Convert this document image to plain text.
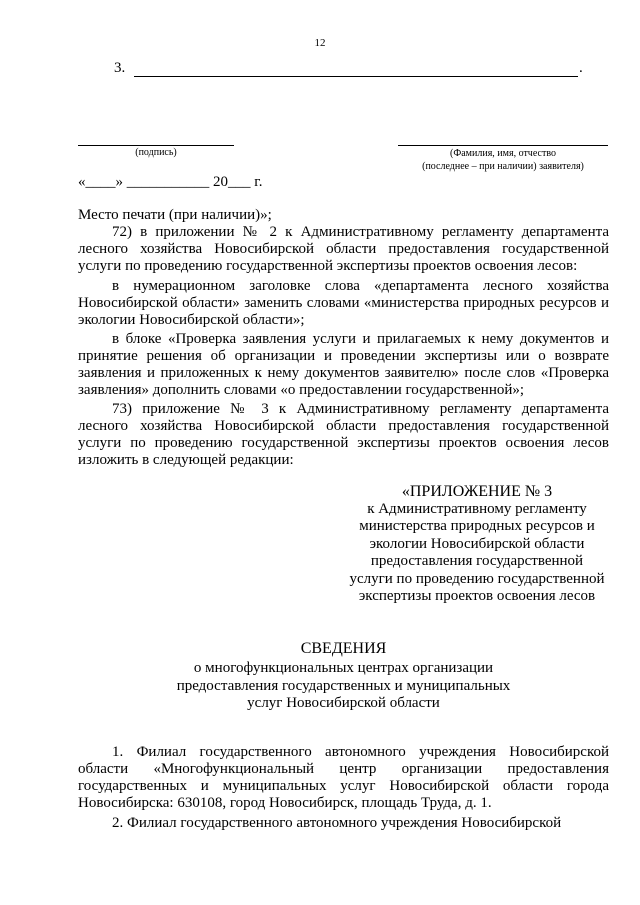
12
3.	.
(подпись)	(Фамилия, имя, отчество
(последнее – при наличии) заявителя)
«____» ___________ 20___ г.
Место печати (при наличии)»;
72) в приложении № 2 к Административному регламенту департамента лесного хозяйства Новосибирской области предоставления государственной услуги по проведению государственной экспертизы проектов освоения лесов:
в нумерационном заголовке слова «департамента лесного хозяйства Новосибирской области» заменить словами «министерства природных ресурсов и экологии Новосибирской области»;
в блоке «Проверка заявления услуги и прилагаемых к нему документов и принятие решения об организации и проведении экспертизы или о возврате заявления и приложенных к нему документов заявителю» после слов «Проверка заявления» дополнить словами «о предоставлении государственной»;
73) приложение № 3 к Административному регламенту департамента лесного хозяйства Новосибирской области предоставления государственной услуги по проведению государственной экспертизы проектов освоения лесов изложить в следующей редакции:
«ПРИЛОЖЕНИЕ № 3
к Административному регламенту
министерства природных ресурсов и
экологии Новосибирской области
предоставления государственной
услуги по проведению государственной
экспертизы проектов освоения лесов
СВЕДЕНИЯ
о многофункциональных центрах организации
предоставления государственных и муниципальных
услуг Новосибирской области
1. Филиал государственного автономного учреждения Новосибирской области «Многофункциональный центр организации предоставления государственных и муниципальных услуг Новосибирской области города Новосибирска: 630108, город Новосибирск, площадь Труда, д. 1.
2. Филиал государственного автономного учреждения Новосибирской
